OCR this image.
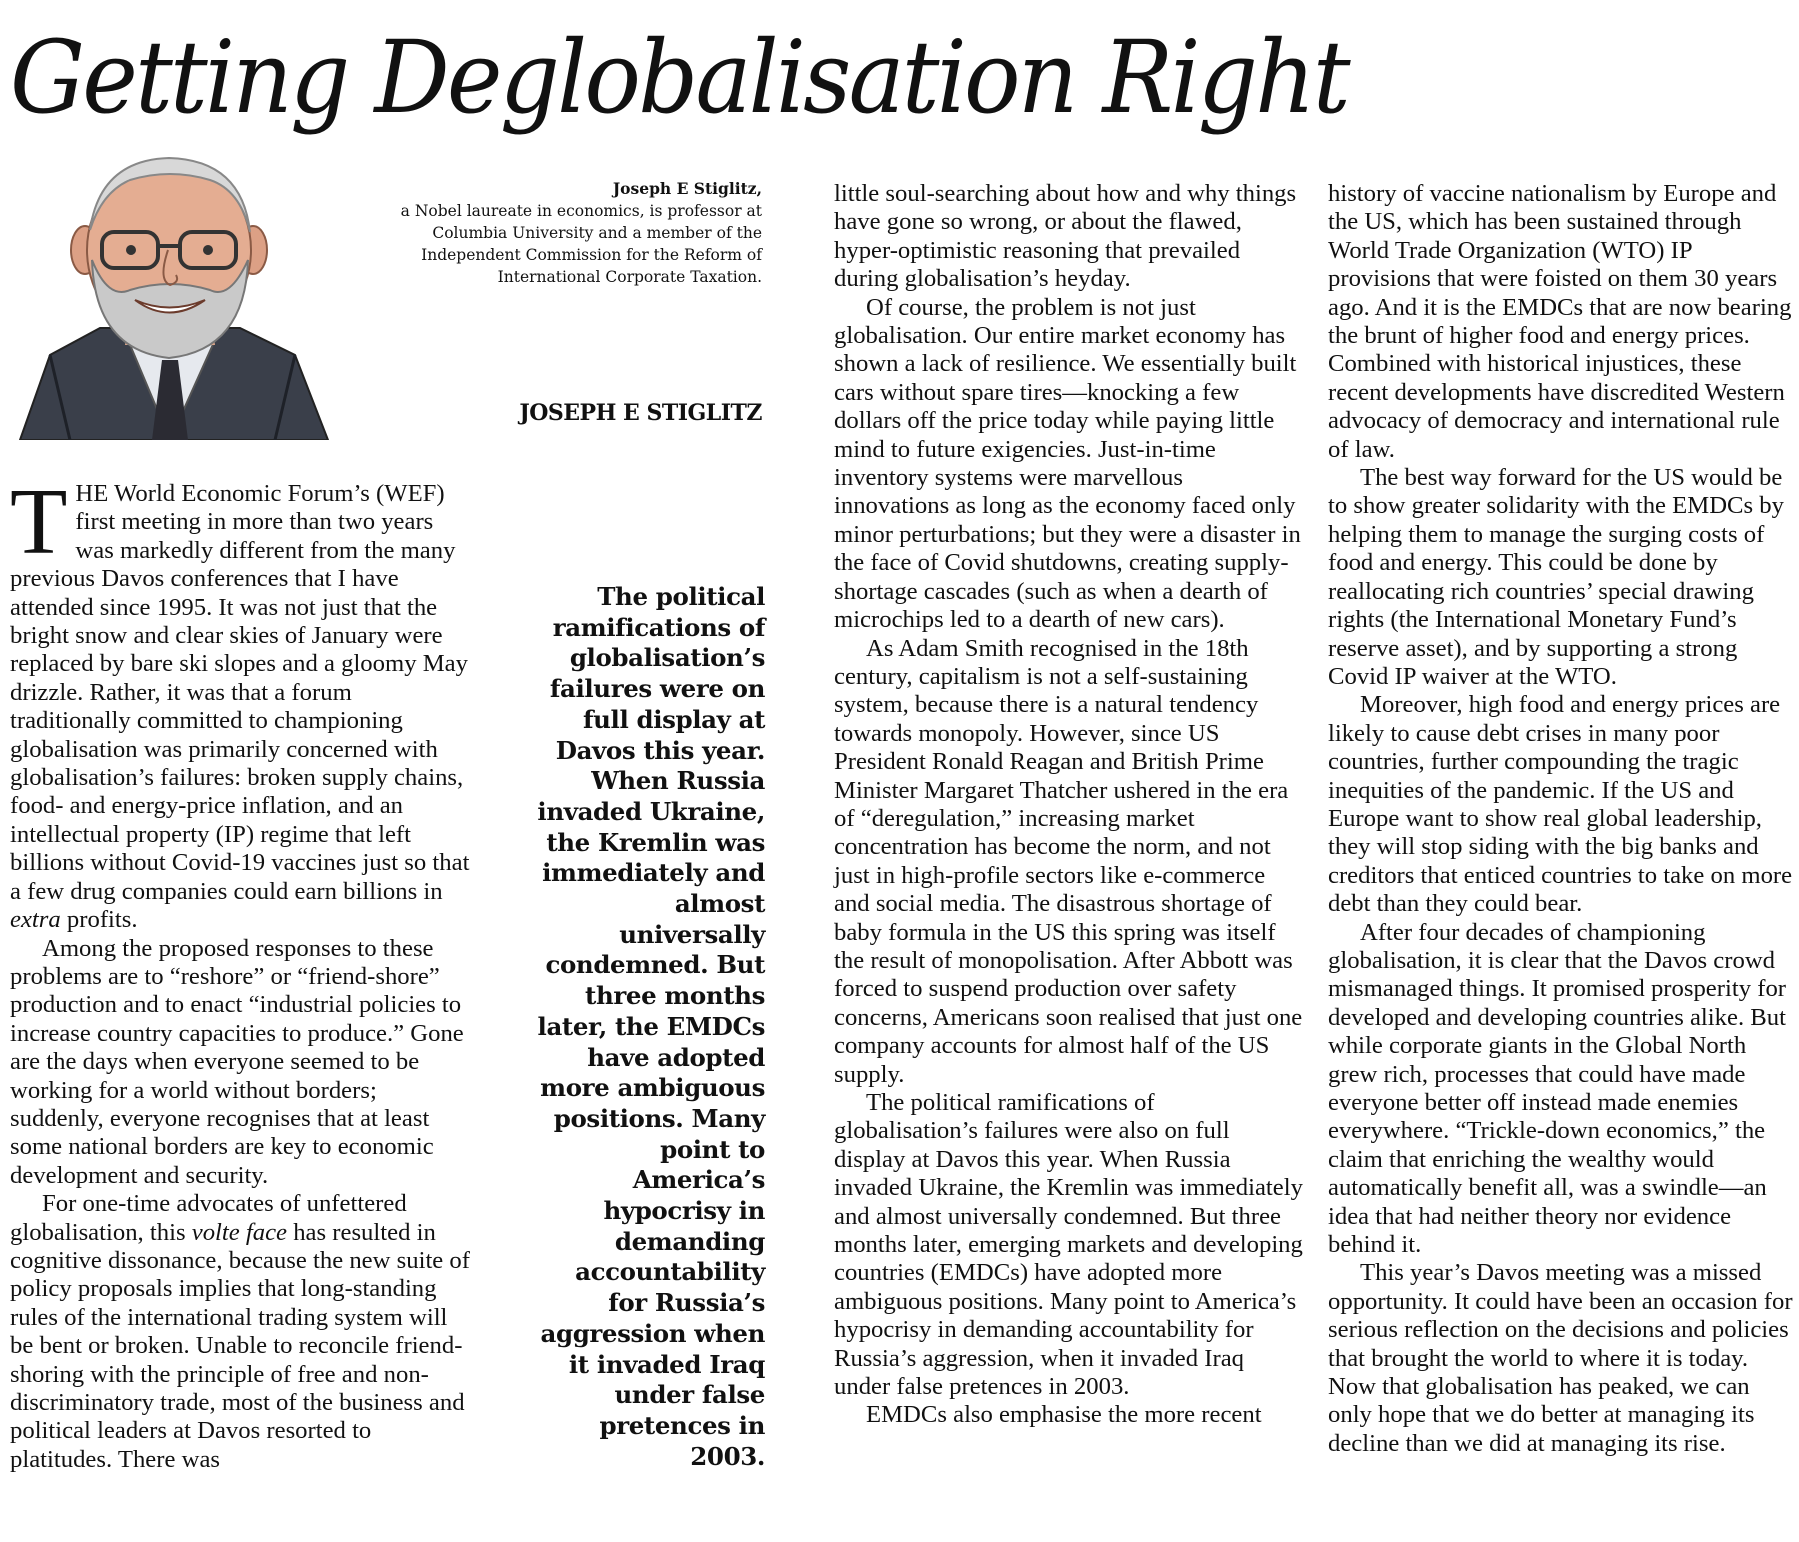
Getting Deglobalisation Right
Joseph E Stiglitz,
a Nobel laureate in economics, is professor at Columbia University and a member of the Independent Commission for the Reform of International Corporate Taxation.
JOSEPH E STIGLITZ

THE World Economic Forum’s (WEF) first meeting in more than two years was markedly different from the many previous Davos conferences that I have attended since 1995. It was not just that the bright snow and clear skies of January were replaced by bare ski slopes and a gloomy May drizzle. Rather, it was that a forum traditionally committed to championing globalisation was primarily concerned with globalisation’s failures: broken supply chains, food- and energy-price inflation, and an intellectual property (IP) regime that left billions without Covid-19 vaccines just so that a few drug companies could earn billions in extra profits.

Among the proposed responses to these problems are to “reshore” or “friend-shore” production and to enact “industrial policies to increase country capacities to produce.” Gone are the days when everyone seemed to be working for a world without borders; suddenly, everyone recognises that at least some national borders are key to economic development and security.

For one-time advocates of unfettered globalisation, this volte face has resulted in cognitive dissonance, because the new suite of policy proposals implies that long-standing rules of the international trading system will be bent or broken. Unable to reconcile friend-shoring with the principle of free and non-discriminatory trade, most of the business and political leaders at Davos resorted to platitudes. There was

The political ramifications of globalisation’s failures were on full display at Davos this year. When Russia invaded Ukraine, the Kremlin was immediately and almost universally condemned. But three months later, the EMDCs have adopted more ambiguous positions. Many point to America’s hypocrisy in demanding accountability for Russia’s aggression when it invaded Iraq under false pretences in 2003.

little soul-searching about how and why things have gone so wrong, or about the flawed, hyper-optimistic reasoning that prevailed during globalisation’s heyday.

Of course, the problem is not just globalisation. Our entire market economy has shown a lack of resilience. We essentially built cars without spare tires—knocking a few dollars off the price today while paying little mind to future exigencies. Just-in-time inventory systems were marvellous innovations as long as the economy faced only minor perturbations; but they were a disaster in the face of Covid shutdowns, creating supply-shortage cascades (such as when a dearth of microchips led to a dearth of new cars).

As Adam Smith recognised in the 18th century, capitalism is not a self-sustaining system, because there is a natural tendency towards monopoly. However, since US President Ronald Reagan and British Prime Minister Margaret Thatcher ushered in the era of “deregulation,” increasing market concentration has become the norm, and not just in high-profile sectors like e-commerce and social media. The disastrous shortage of baby formula in the US this spring was itself the result of monopolisation. After Abbott was forced to suspend production over safety concerns, Americans soon realised that just one company accounts for almost half of the US supply.

The political ramifications of globalisation’s failures were also on full display at Davos this year. When Russia invaded Ukraine, the Kremlin was immediately and almost universally condemned. But three months later, emerging markets and developing countries (EMDCs) have adopted more ambiguous positions. Many point to America’s hypocrisy in demanding accountability for Russia’s aggression, when it invaded Iraq under false pretences in 2003.

EMDCs also emphasise the more recent

history of vaccine nationalism by Europe and the US, which has been sustained through World Trade Organization (WTO) IP provisions that were foisted on them 30 years ago. And it is the EMDCs that are now bearing the brunt of higher food and energy prices. Combined with historical injustices, these recent developments have discredited Western advocacy of democracy and international rule of law.

The best way forward for the US would be to show greater solidarity with the EMDCs by helping them to manage the surging costs of food and energy. This could be done by reallocating rich countries’ special drawing rights (the International Monetary Fund’s reserve asset), and by supporting a strong Covid IP waiver at the WTO.

Moreover, high food and energy prices are likely to cause debt crises in many poor countries, further compounding the tragic inequities of the pandemic. If the US and Europe want to show real global leadership, they will stop siding with the big banks and creditors that enticed countries to take on more debt than they could bear.

After four decades of championing globalisation, it is clear that the Davos crowd mismanaged things. It promised prosperity for developed and developing countries alike. But while corporate giants in the Global North grew rich, processes that could have made everyone better off instead made enemies everywhere. “Trickle-down economics,” the claim that enriching the wealthy would automatically benefit all, was a swindle—an idea that had neither theory nor evidence behind it.

This year’s Davos meeting was a missed opportunity. It could have been an occasion for serious reflection on the decisions and policies that brought the world to where it is today. Now that globalisation has peaked, we can only hope that we do better at managing its decline than we did at managing its rise.
